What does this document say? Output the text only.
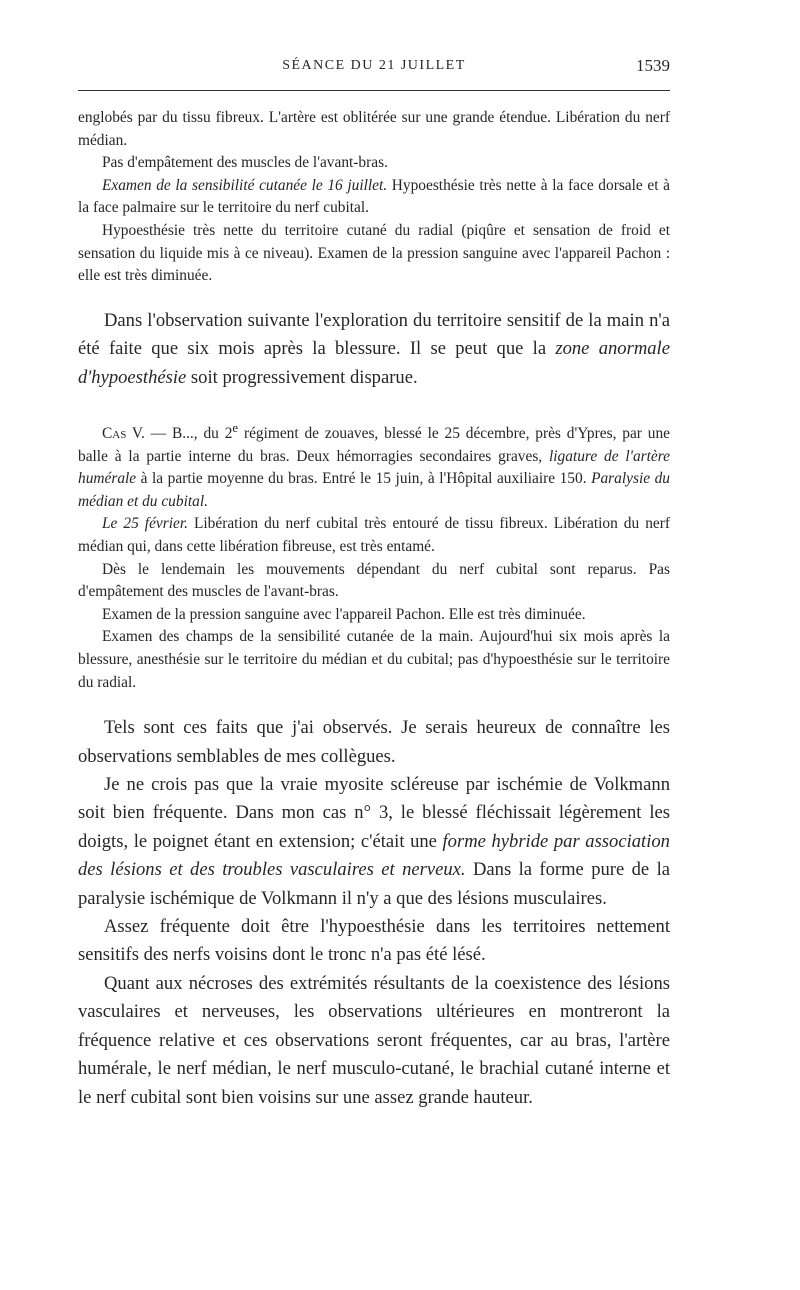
SÉANCE DU 21 JUILLET	1539

englobés par du tissu fibreux. L'artère est oblitérée sur une grande étendue. Libération du nerf médian.

Pas d'empâtement des muscles de l'avant-bras.

Examen de la sensibilité cutanée le 16 juillet. Hypoesthésie très nette à la face dorsale et à la face palmaire sur le territoire du nerf cubital.

Hypoesthésie très nette du territoire cutané du radial (piqûre et sensation de froid et sensation du liquide mis à ce niveau). Examen de la pression sanguine avec l'appareil Pachon : elle est très diminuée.

Dans l'observation suivante l'exploration du territoire sensitif de la main n'a été faite que six mois après la blessure. Il se peut que la zone anormale d'hypoesthésie soit progressivement disparue.

Cas V. — B..., du 2e régiment de zouaves, blessé le 25 décembre, près d'Ypres, par une balle à la partie interne du bras. Deux hémorragies secondaires graves, ligature de l'artère humérale à la partie moyenne du bras. Entré le 15 juin, à l'Hôpital auxiliaire 150. Paralysie du médian et du cubital.

Le 25 février. Libération du nerf cubital très entouré de tissu fibreux. Libération du nerf médian qui, dans cette libération fibreuse, est très entamé.

Dès le lendemain les mouvements dépendant du nerf cubital sont reparus. Pas d'empâtement des muscles de l'avant-bras.

Examen de la pression sanguine avec l'appareil Pachon. Elle est très diminuée.

Examen des champs de la sensibilité cutanée de la main. Aujourd'hui six mois après la blessure, anesthésie sur le territoire du médian et du cubital; pas d'hypoesthésie sur le territoire du radial.

Tels sont ces faits que j'ai observés. Je serais heureux de connaître les observations semblables de mes collègues.

Je ne crois pas que la vraie myosite scléreuse par ischémie de Volkmann soit bien fréquente. Dans mon cas n° 3, le blessé fléchissait légèrement les doigts, le poignet étant en extension; c'était une forme hybride par association des lésions et des troubles vasculaires et nerveux. Dans la forme pure de la paralysie ischémique de Volkmann il n'y a que des lésions musculaires.

Assez fréquente doit être l'hypoesthésie dans les territoires nettement sensitifs des nerfs voisins dont le tronc n'a pas été lésé.

Quant aux nécroses des extrémités résultants de la coexistence des lésions vasculaires et nerveuses, les observations ultérieures en montreront la fréquence relative et ces observations seront fréquentes, car au bras, l'artère humérale, le nerf médian, le nerf musculo-cutané, le brachial cutané interne et le nerf cubital sont bien voisins sur une assez grande hauteur.
